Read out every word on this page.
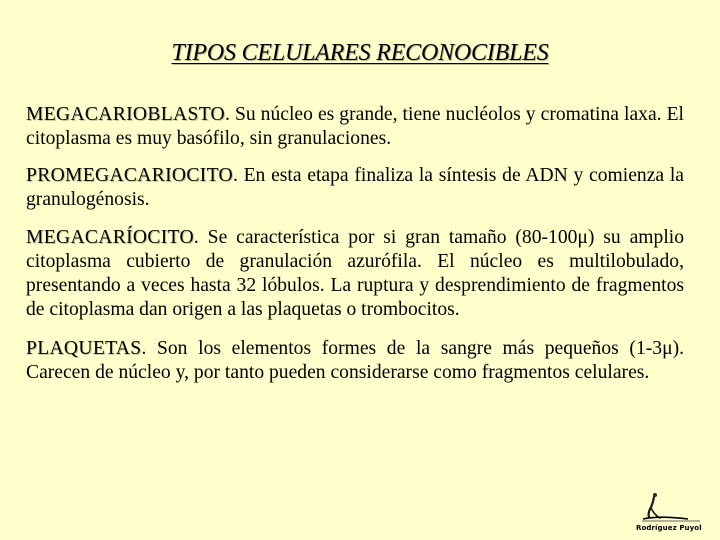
TIPOS CELULARES RECONOCIBLES

MEGACARIOBLASTO. Su núcleo es grande, tiene nucléolos y cromatina laxa. El citoplasma es muy basófilo, sin granulaciones.

PROMEGACARIOCITO. En esta etapa finaliza la síntesis de ADN y comienza la granulogénosis.

MEGACARÍOCITO. Se característica por si gran tamaño (80-100μ) su amplio citoplasma cubierto de granulación azurófila. El núcleo es multilobulado, presentando a veces hasta 32 lóbulos. La ruptura y desprendimiento de fragmentos de citoplasma dan origen a las plaquetas o trombocitos.

PLAQUETAS. Son los elementos formes de la sangre más pequeños (1-3μ). Carecen de núcleo y, por tanto pueden considerarse como fragmentos celulares.

Rodríguez Puyol
